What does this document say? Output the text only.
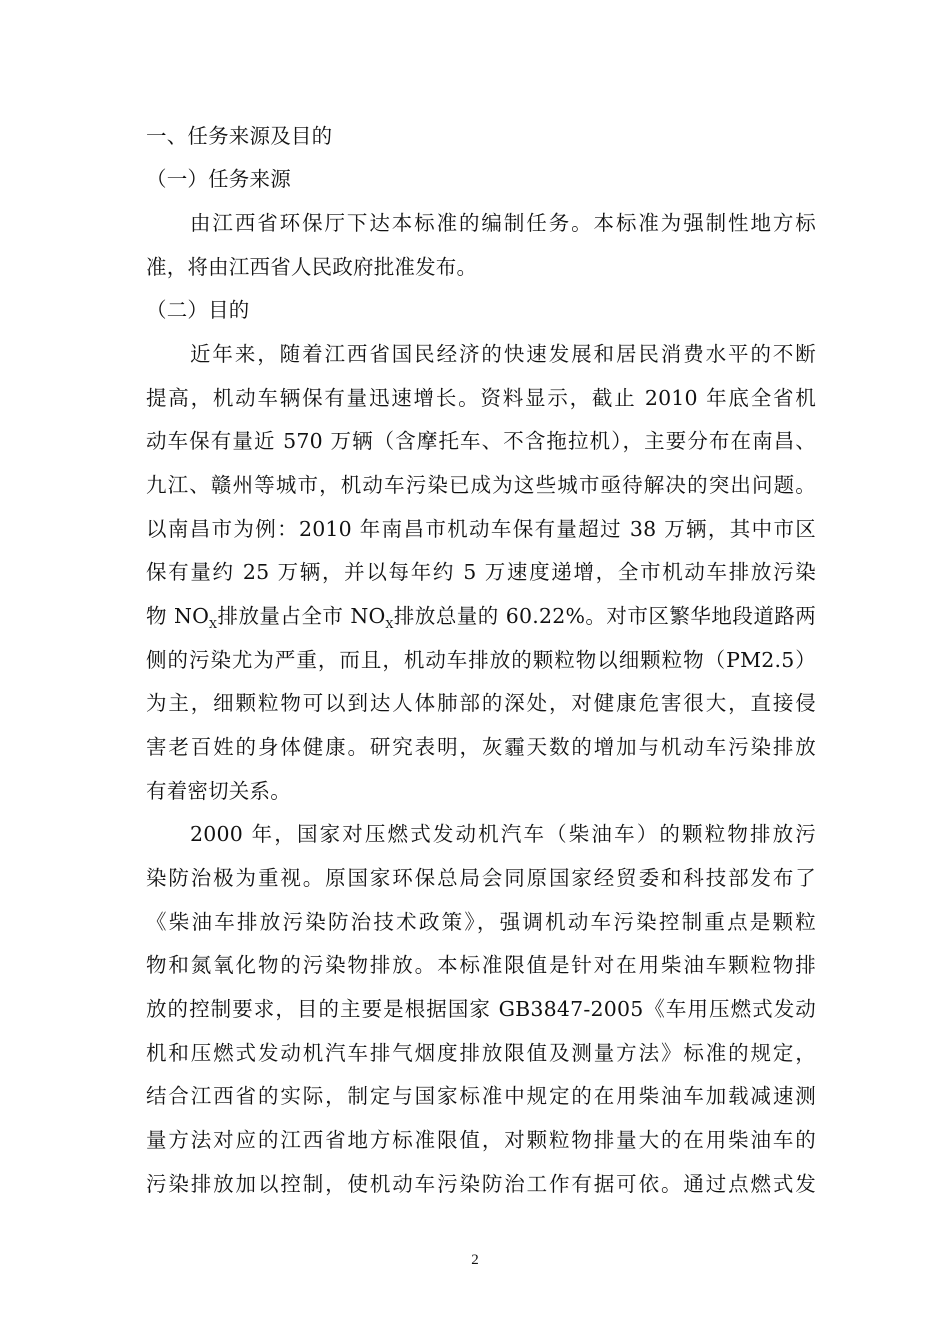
一、任务来源及目的
（一）任务来源
由江西省环保厅下达本标准的编制任务。本标准为强制性地方标
准，将由江西省人民政府批准发布。
（二）目的
近年来，随着江西省国民经济的快速发展和居民消费水平的不断
提高，机动车辆保有量迅速增长。资料显示，截止 2010 年底全省机
动车保有量近 570 万辆（含摩托车、不含拖拉机），主要分布在南昌、
九江、赣州等城市，机动车污染已成为这些城市亟待解决的突出问题。
以南昌市为例：2010 年南昌市机动车保有量超过 38 万辆，其中市区
保有量约 25 万辆，并以每年约 5 万速度递增，全市机动车排放污染
物 $NO_X$排放量占全市 $NO_X$排放总量的 60.22%。对市区繁华地段道路两
侧的污染尤为严重，而且，机动车排放的颗粒物以细颗粒物（PM2.5）
为主，细颗粒物可以到达人体肺部的深处，对健康危害很大，直接侵
害老百姓的身体健康。研究表明，灰霾天数的增加与机动车污染排放
有着密切关系。
2000 年，国家对压燃式发动机汽车（柴油车）的颗粒物排放污
染防治极为重视。原国家环保总局会同原国家经贸委和科技部发布了
《柴油车排放污染防治技术政策》，强调机动车污染控制重点是颗粒
物和氮氧化物的污染物排放。本标准限值是针对在用柴油车颗粒物排
放的控制要求，目的主要是根据国家 GB3847-2005《车用压燃式发动
机和压燃式发动机汽车排气烟度排放限值及测量方法》标准的规定，
结合江西省的实际，制定与国家标准中规定的在用柴油车加载减速测
量方法对应的江西省地方标准限值，对颗粒物排量大的在用柴油车的
污染排放加以控制，使机动车污染防治工作有据可依。通过点燃式发
2
